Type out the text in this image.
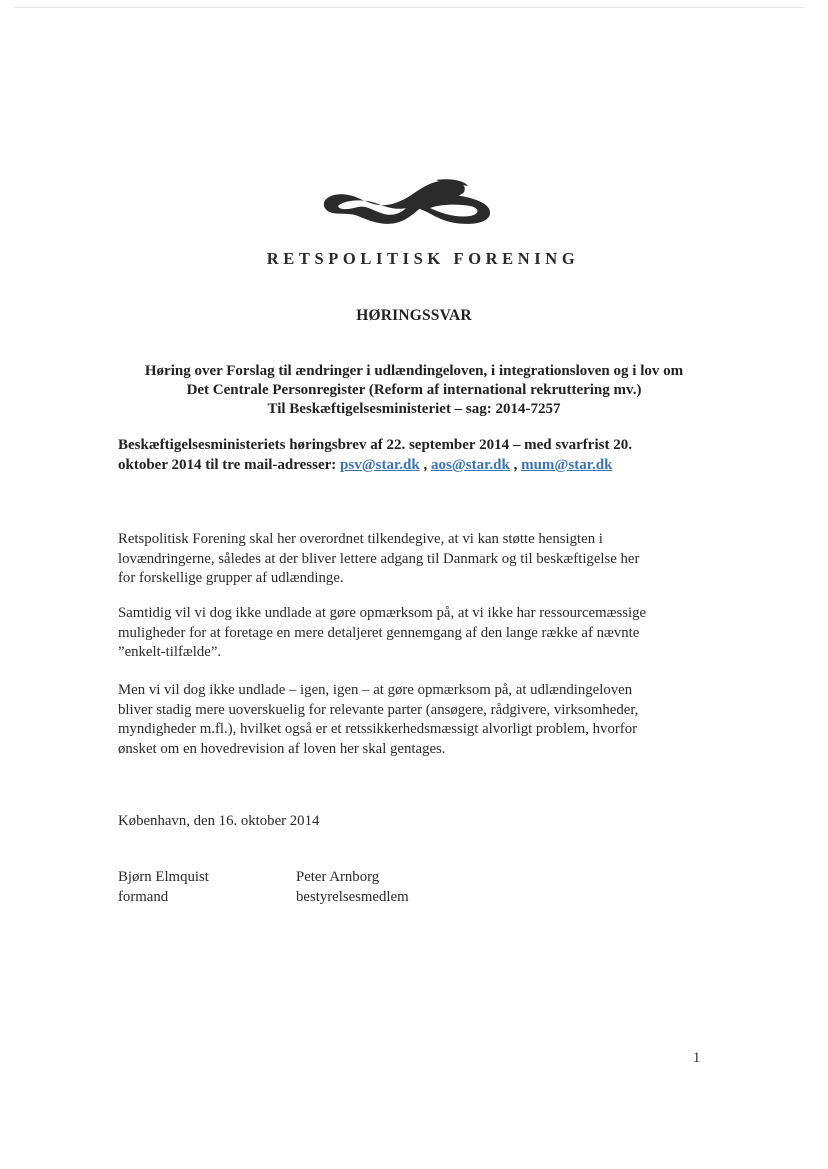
RETSPOLITISK FORENING
HØRINGSSVAR
Høring over Forslag til ændringer i udlændingeloven, i integrationsloven og i lov om
Det Centrale Personregister (Reform af international rekruttering mv.)
Til Beskæftigelsesministeriet – sag: 2014-7257
Beskæftigelsesministeriets høringsbrev af 22. september 2014 – med svarfrist 20.
oktober 2014 til tre mail-adresser: psv@star.dk , aos@star.dk , mum@star.dk
Retspolitisk Forening skal her overordnet tilkendegive, at vi kan støtte hensigten i
lovændringerne, således at der bliver lettere adgang til Danmark og til beskæftigelse her
for forskellige grupper af udlændinge.
Samtidig vil vi dog ikke undlade at gøre opmærksom på, at vi ikke har ressourcemæssige
muligheder for at foretage en mere detaljeret gennemgang af den lange række af nævnte
”enkelt-tilfælde”.
Men vi vil dog ikke undlade – igen, igen – at gøre opmærksom på, at udlændingeloven
bliver stadig mere uoverskuelig for relevante parter (ansøgere, rådgivere, virksomheder,
myndigheder m.fl.), hvilket også er et retssikkerhedsmæssigt alvorligt problem, hvorfor
ønsket om en hovedrevision af loven her skal gentages.
København, den 16. oktober 2014
Bjørn Elmquist
formand
Peter Arnborg
bestyrelsesmedlem
1
